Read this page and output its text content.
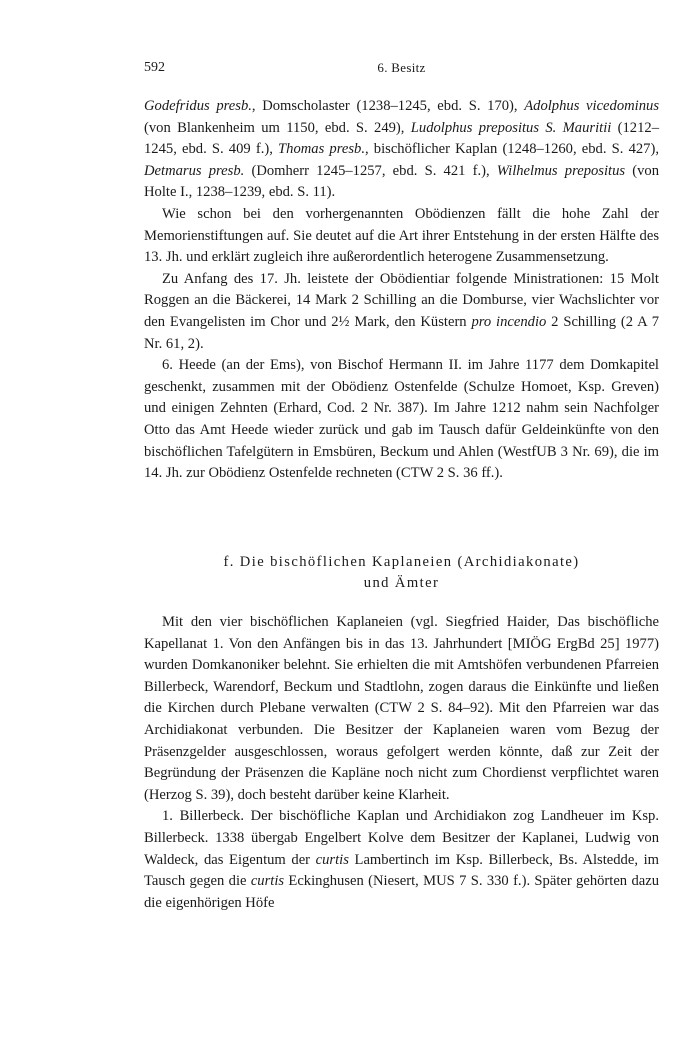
592	6. Besitz

Godefridus presb., Domscholaster (1238–1245, ebd. S. 170), Adolphus vicedominus (von Blankenheim um 1150, ebd. S. 249), Ludolphus prepositus S. Mauritii (1212–1245, ebd. S. 409 f.), Thomas presb., bischöflicher Kaplan (1248–1260, ebd. S. 427), Detmarus presb. (Domherr 1245–1257, ebd. S. 421 f.), Wilhelmus prepositus (von Holte I., 1238–1239, ebd. S. 11).

Wie schon bei den vorhergenannten Obödienzen fällt die hohe Zahl der Memorienstiftungen auf. Sie deutet auf die Art ihrer Entstehung in der ersten Hälfte des 13. Jh. und erklärt zugleich ihre außerordentlich heterogene Zusammensetzung.

Zu Anfang des 17. Jh. leistete der Obödientiar folgende Ministrationen: 15 Molt Roggen an die Bäckerei, 14 Mark 2 Schilling an die Domburse, vier Wachslichter vor den Evangelisten im Chor und 2½ Mark, den Küstern pro incendio 2 Schilling (2 A 7 Nr. 61, 2).

6. Heede (an der Ems), von Bischof Hermann II. im Jahre 1177 dem Domkapitel geschenkt, zusammen mit der Obödienz Ostenfelde (Schulze Homoet, Ksp. Greven) und einigen Zehnten (Erhard, Cod. 2 Nr. 387). Im Jahre 1212 nahm sein Nachfolger Otto das Amt Heede wieder zurück und gab im Tausch dafür Geldeinkünfte von den bischöflichen Tafelgütern in Emsbüren, Beckum und Ahlen (WestfUB 3 Nr. 69), die im 14. Jh. zur Obödienz Ostenfelde rechneten (CTW 2 S. 36 ff.).

f. Die bischöflichen Kaplaneien (Archidiakonate)
und Ämter

Mit den vier bischöflichen Kaplaneien (vgl. Siegfried Haider, Das bischöfliche Kapellanat 1. Von den Anfängen bis in das 13. Jahrhundert [MIÖG ErgBd 25] 1977) wurden Domkanoniker belehnt. Sie erhielten die mit Amtshöfen verbundenen Pfarreien Billerbeck, Warendorf, Beckum und Stadtlohn, zogen daraus die Einkünfte und ließen die Kirchen durch Plebane verwalten (CTW 2 S. 84–92). Mit den Pfarreien war das Archidiakonat verbunden. Die Besitzer der Kaplaneien waren vom Bezug der Präsenzgelder ausgeschlossen, woraus gefolgert werden könnte, daß zur Zeit der Begründung der Präsenzen die Kapläne noch nicht zum Chordienst verpflichtet waren (Herzog S. 39), doch besteht darüber keine Klarheit.

1. Billerbeck. Der bischöfliche Kaplan und Archidiakon zog Landheuer im Ksp. Billerbeck. 1338 übergab Engelbert Kolve dem Besitzer der Kaplanei, Ludwig von Waldeck, das Eigentum der curtis Lambertinch im Ksp. Billerbeck, Bs. Alstedde, im Tausch gegen die curtis Eckinghusen (Niesert, MUS 7 S. 330 f.). Später gehörten dazu die eigenhörigen Höfe
